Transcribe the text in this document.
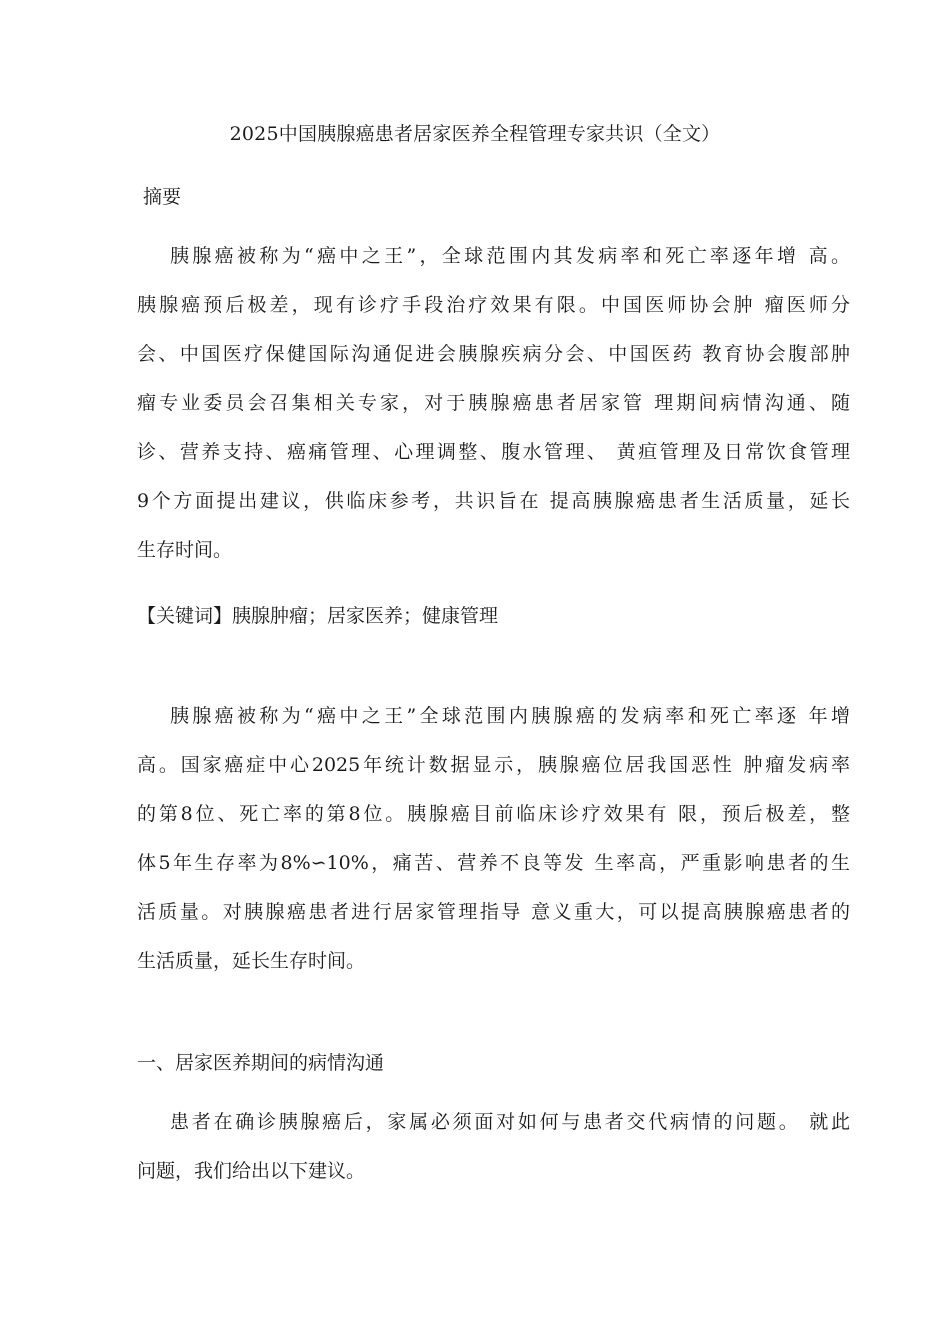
2025中国胰腺癌患者居家医养全程管理专家共识（全文）
摘要
胰腺癌被称为“癌中之王”，全球范围内其发病率和死亡率逐年增 高。
胰腺癌预后极差，现有诊疗手段治疗效果有限。中国医师协会肿 瘤医师分
会、中国医疗保健国际沟通促进会胰腺疾病分会、中国医药 教育协会腹部肿
瘤专业委员会召集相关专家，对于胰腺癌患者居家管 理期间病情沟通、随
诊、营养支持、癌痛管理、心理调整、腹水管理、 黄疸管理及日常饮食管理
9个方面提出建议，供临床参考，共识旨在 提高胰腺癌患者生活质量，延长
生存时间。
【关键词】胰腺肿瘤；居家医养；健康管理
胰腺癌被称为“癌中之王”全球范围内胰腺癌的发病率和死亡率逐 年增
高。国家癌症中心2025年统计数据显示，胰腺癌位居我国恶性 肿瘤发病率
的第8位、死亡率的第8位。胰腺癌目前临床诊疗效果有 限，预后极差，整
体5年生存率为8%∽10%，痛苦、营养不良等发 生率高，严重影响患者的生
活质量。对胰腺癌患者进行居家管理指导 意义重大，可以提高胰腺癌患者的
生活质量，延长生存时间。
一、居家医养期间的病情沟通
患者在确诊胰腺癌后，家属必须面对如何与患者交代病情的问题。 就此
问题，我们给出以下建议。
